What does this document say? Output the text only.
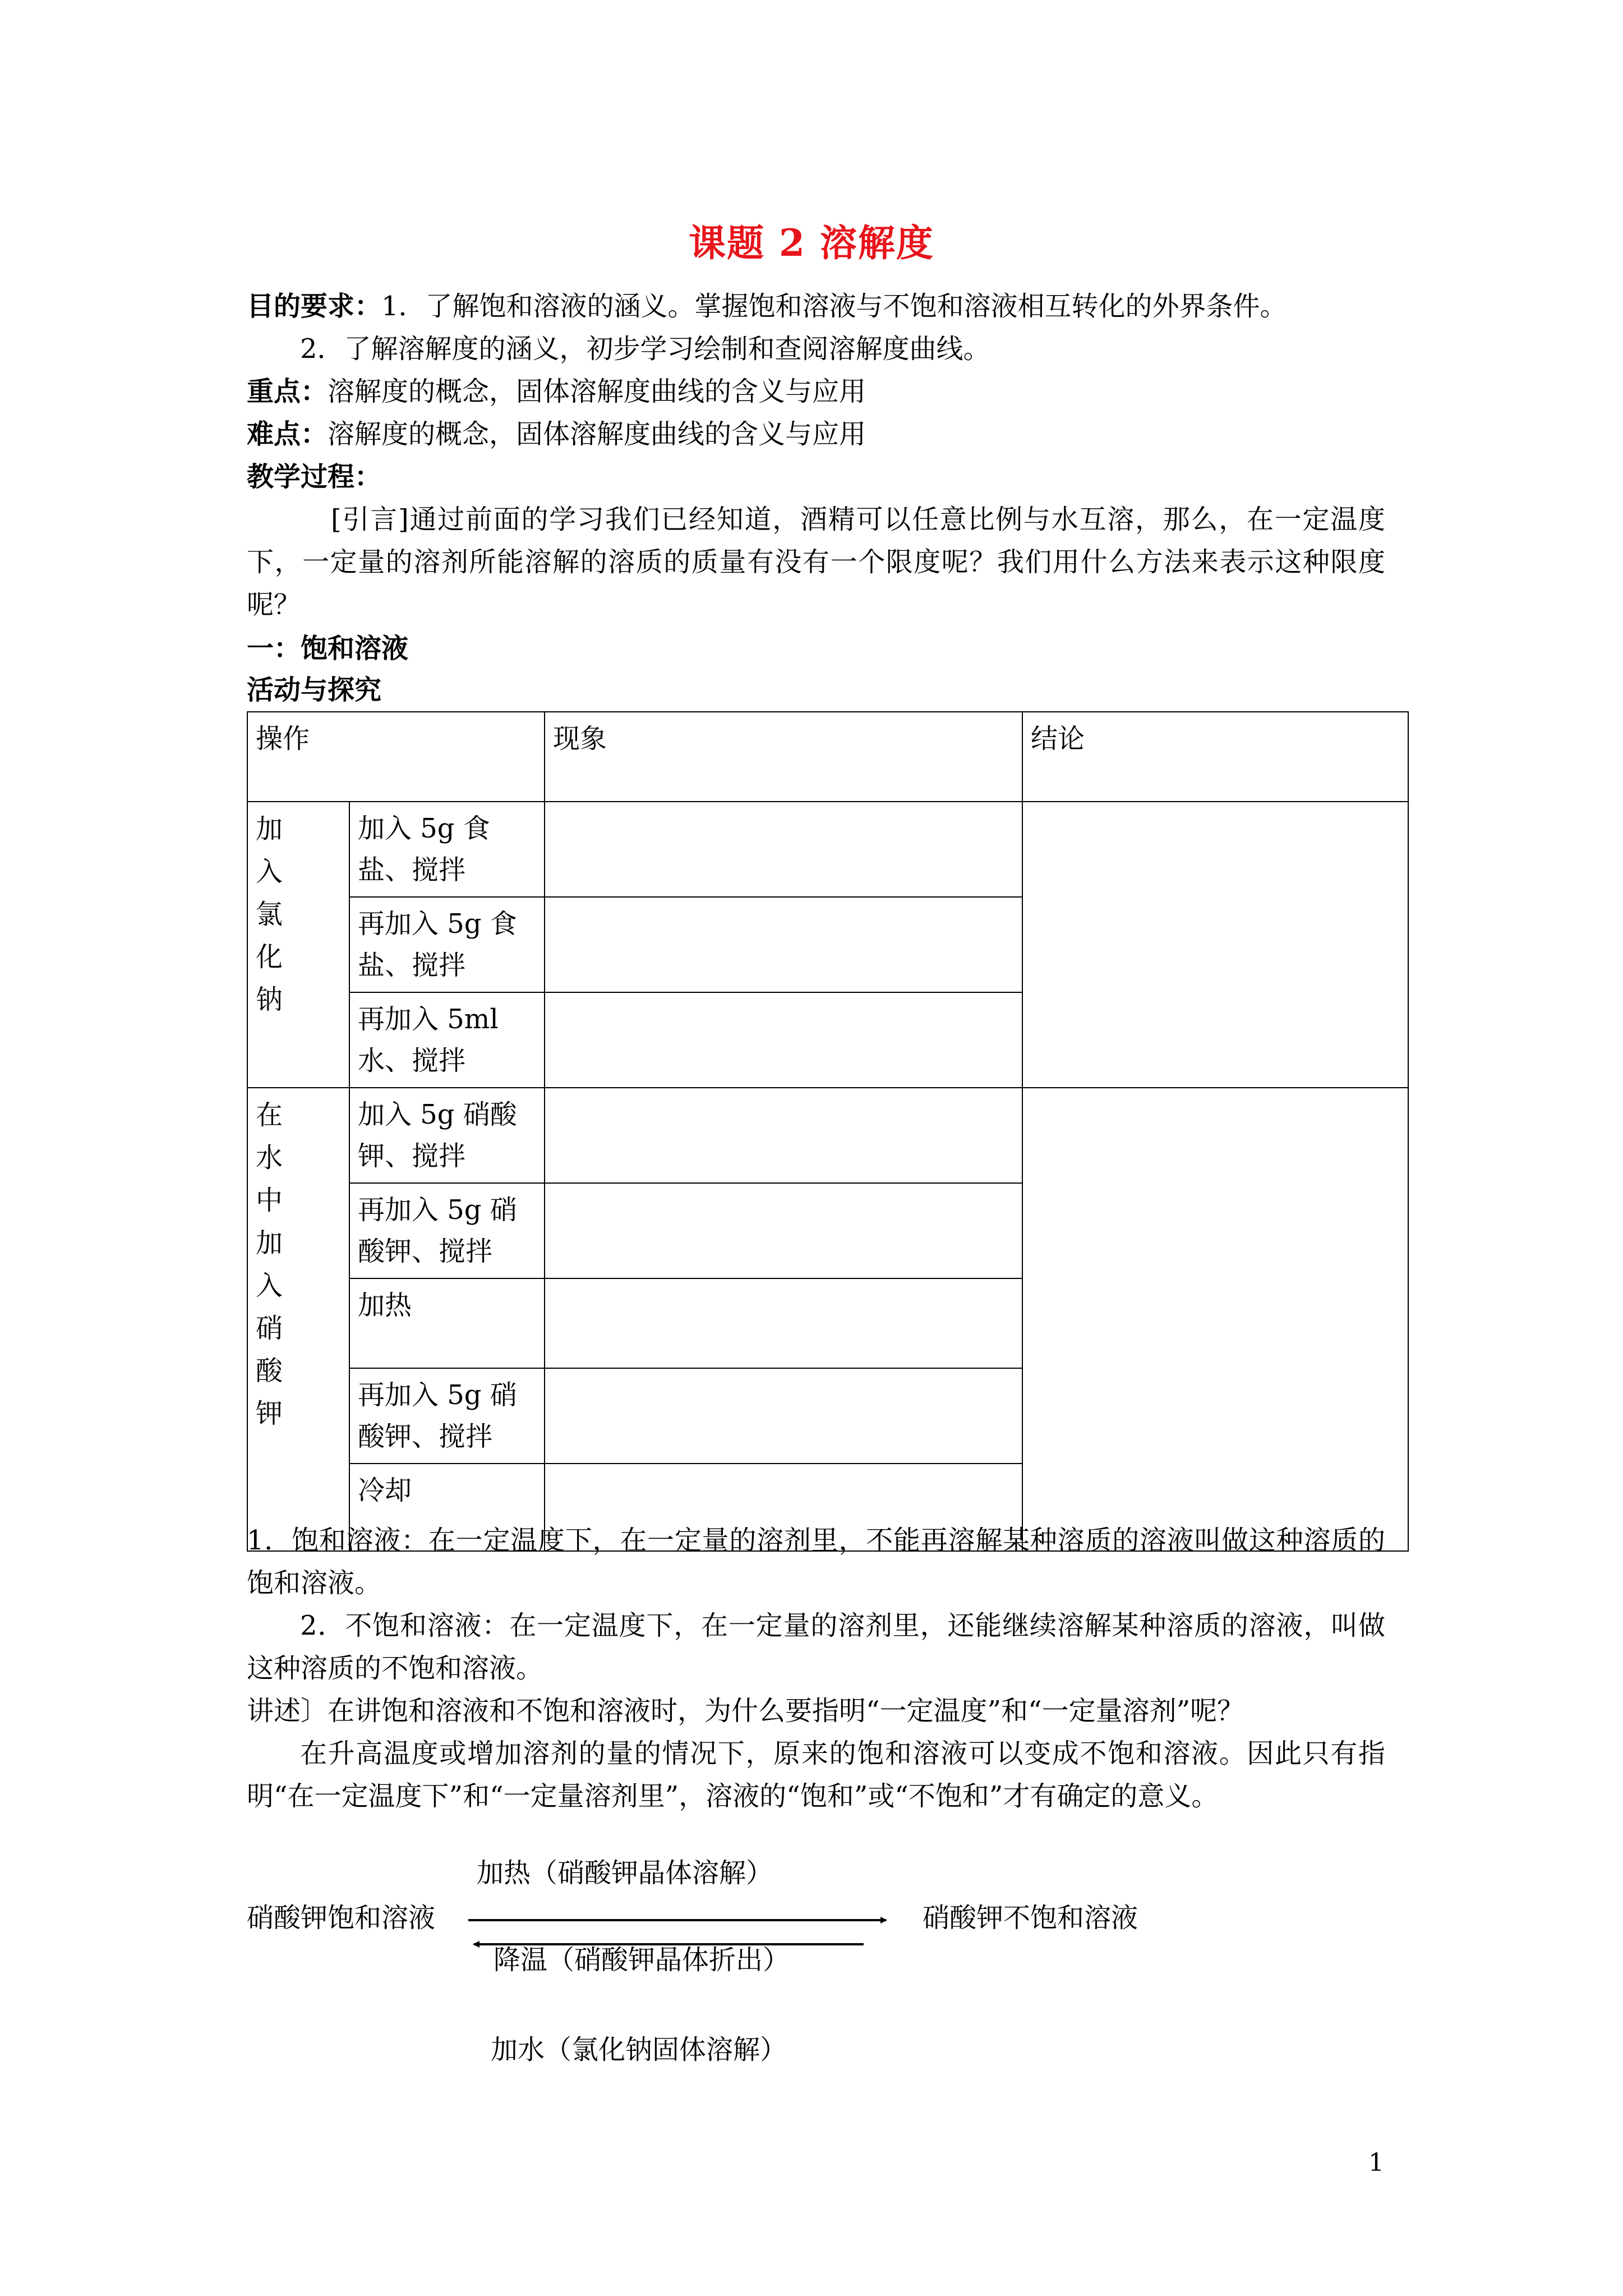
课题 2 溶解度
目的要求：1．了解饱和溶液的涵义。掌握饱和溶液与不饱和溶液相互转化的外界条件。
2．了解溶解度的涵义，初步学习绘制和查阅溶解度曲线。
重点：溶解度的概念，固体溶解度曲线的含义与应用
难点：溶解度的概念，固体溶解度曲线的含义与应用
教学过程：
[引言]通过前面的学习我们已经知道，酒精可以任意比例与水互溶，那么，在一定温度下，一定量的溶剂所能溶解的溶质的质量有没有一个限度呢？我们用什么方法来表示这种限度呢？
一：饱和溶液
活动与探究
操作		现象	结论

加入氯化钠	加入 5g 食盐、搅拌		
	再加入 5g 食盐、搅拌		
	再加入 5ml 水、搅拌		

在水中加入硝酸钾	加入 5g 硝酸钾、搅拌		
	再加入 5g 硝酸钾、搅拌		
	加热		
	再加入 5g 硝酸钾、搅拌		
	冷却		
1．饱和溶液：在一定温度下，在一定量的溶剂里，不能再溶解某种溶质的溶液叫做这种溶质的饱和溶液。
2．不饱和溶液：在一定温度下，在一定量的溶剂里，还能继续溶解某种溶质的溶液，叫做这种溶质的不饱和溶液。
讲述〕在讲饱和溶液和不饱和溶液时，为什么要指明“一定温度”和“一定量溶剂”呢？
在升高温度或增加溶剂的量的情况下，原来的饱和溶液可以变成不饱和溶液。因此只有指明“在一定温度下”和“一定量溶剂里”，溶液的“饱和”或“不饱和”才有确定的意义。
加热（硝酸钾晶体溶解）
硝酸钾饱和溶液	硝酸钾不饱和溶液
降温（硝酸钾晶体折出）
加水（氯化钠固体溶解）
1
